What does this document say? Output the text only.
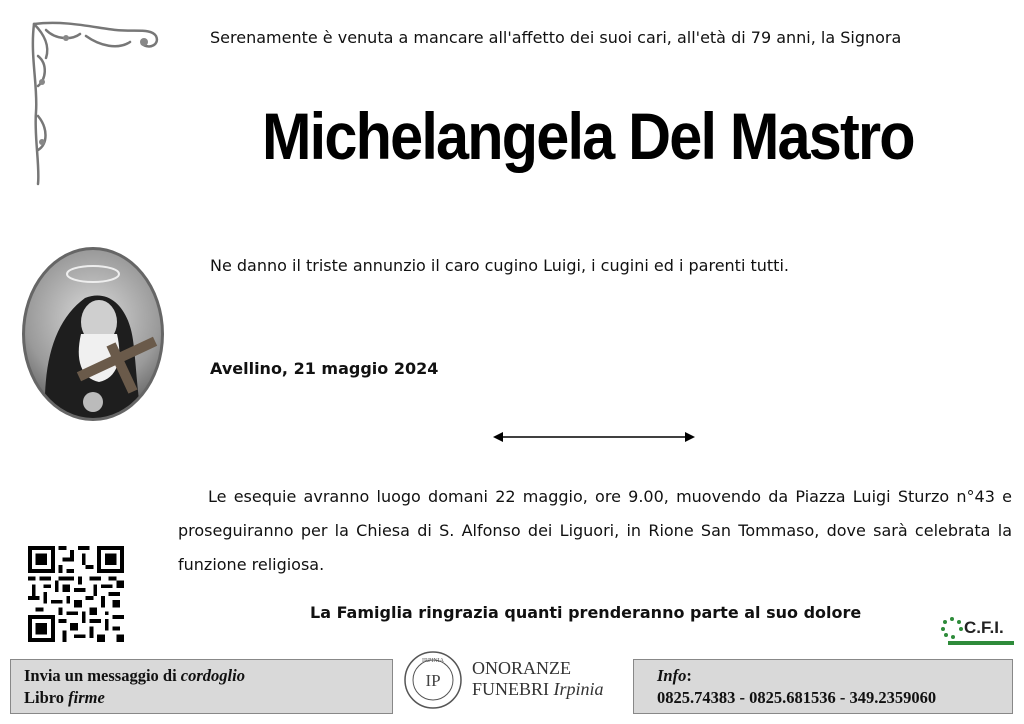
Serenamente è venuta a mancare all'affetto dei suoi cari, all'età di 79 anni, la Signora
Michelangela Del Mastro
Ne danno il triste annunzio il caro cugino Luigi, i cugini ed i parenti tutti.
Avellino, 21 maggio 2024
Le esequie avranno luogo domani 22 maggio, ore 9.00, muovendo da Piazza Luigi Sturzo n°43 e proseguiranno per la Chiesa di S. Alfonso dei Liguori, in Rione San Tommaso, dove sarà celebrata la funzione religiosa.
La Famiglia ringrazia quanti prenderanno parte al suo dolore
C.F.I.
Invia un messaggio di cordoglio
Libro firme
IRPINIA
IP
ONORANZE
FUNEBRI Irpinia
Info:
0825.74383 - 0825.681536 - 349.2359060
